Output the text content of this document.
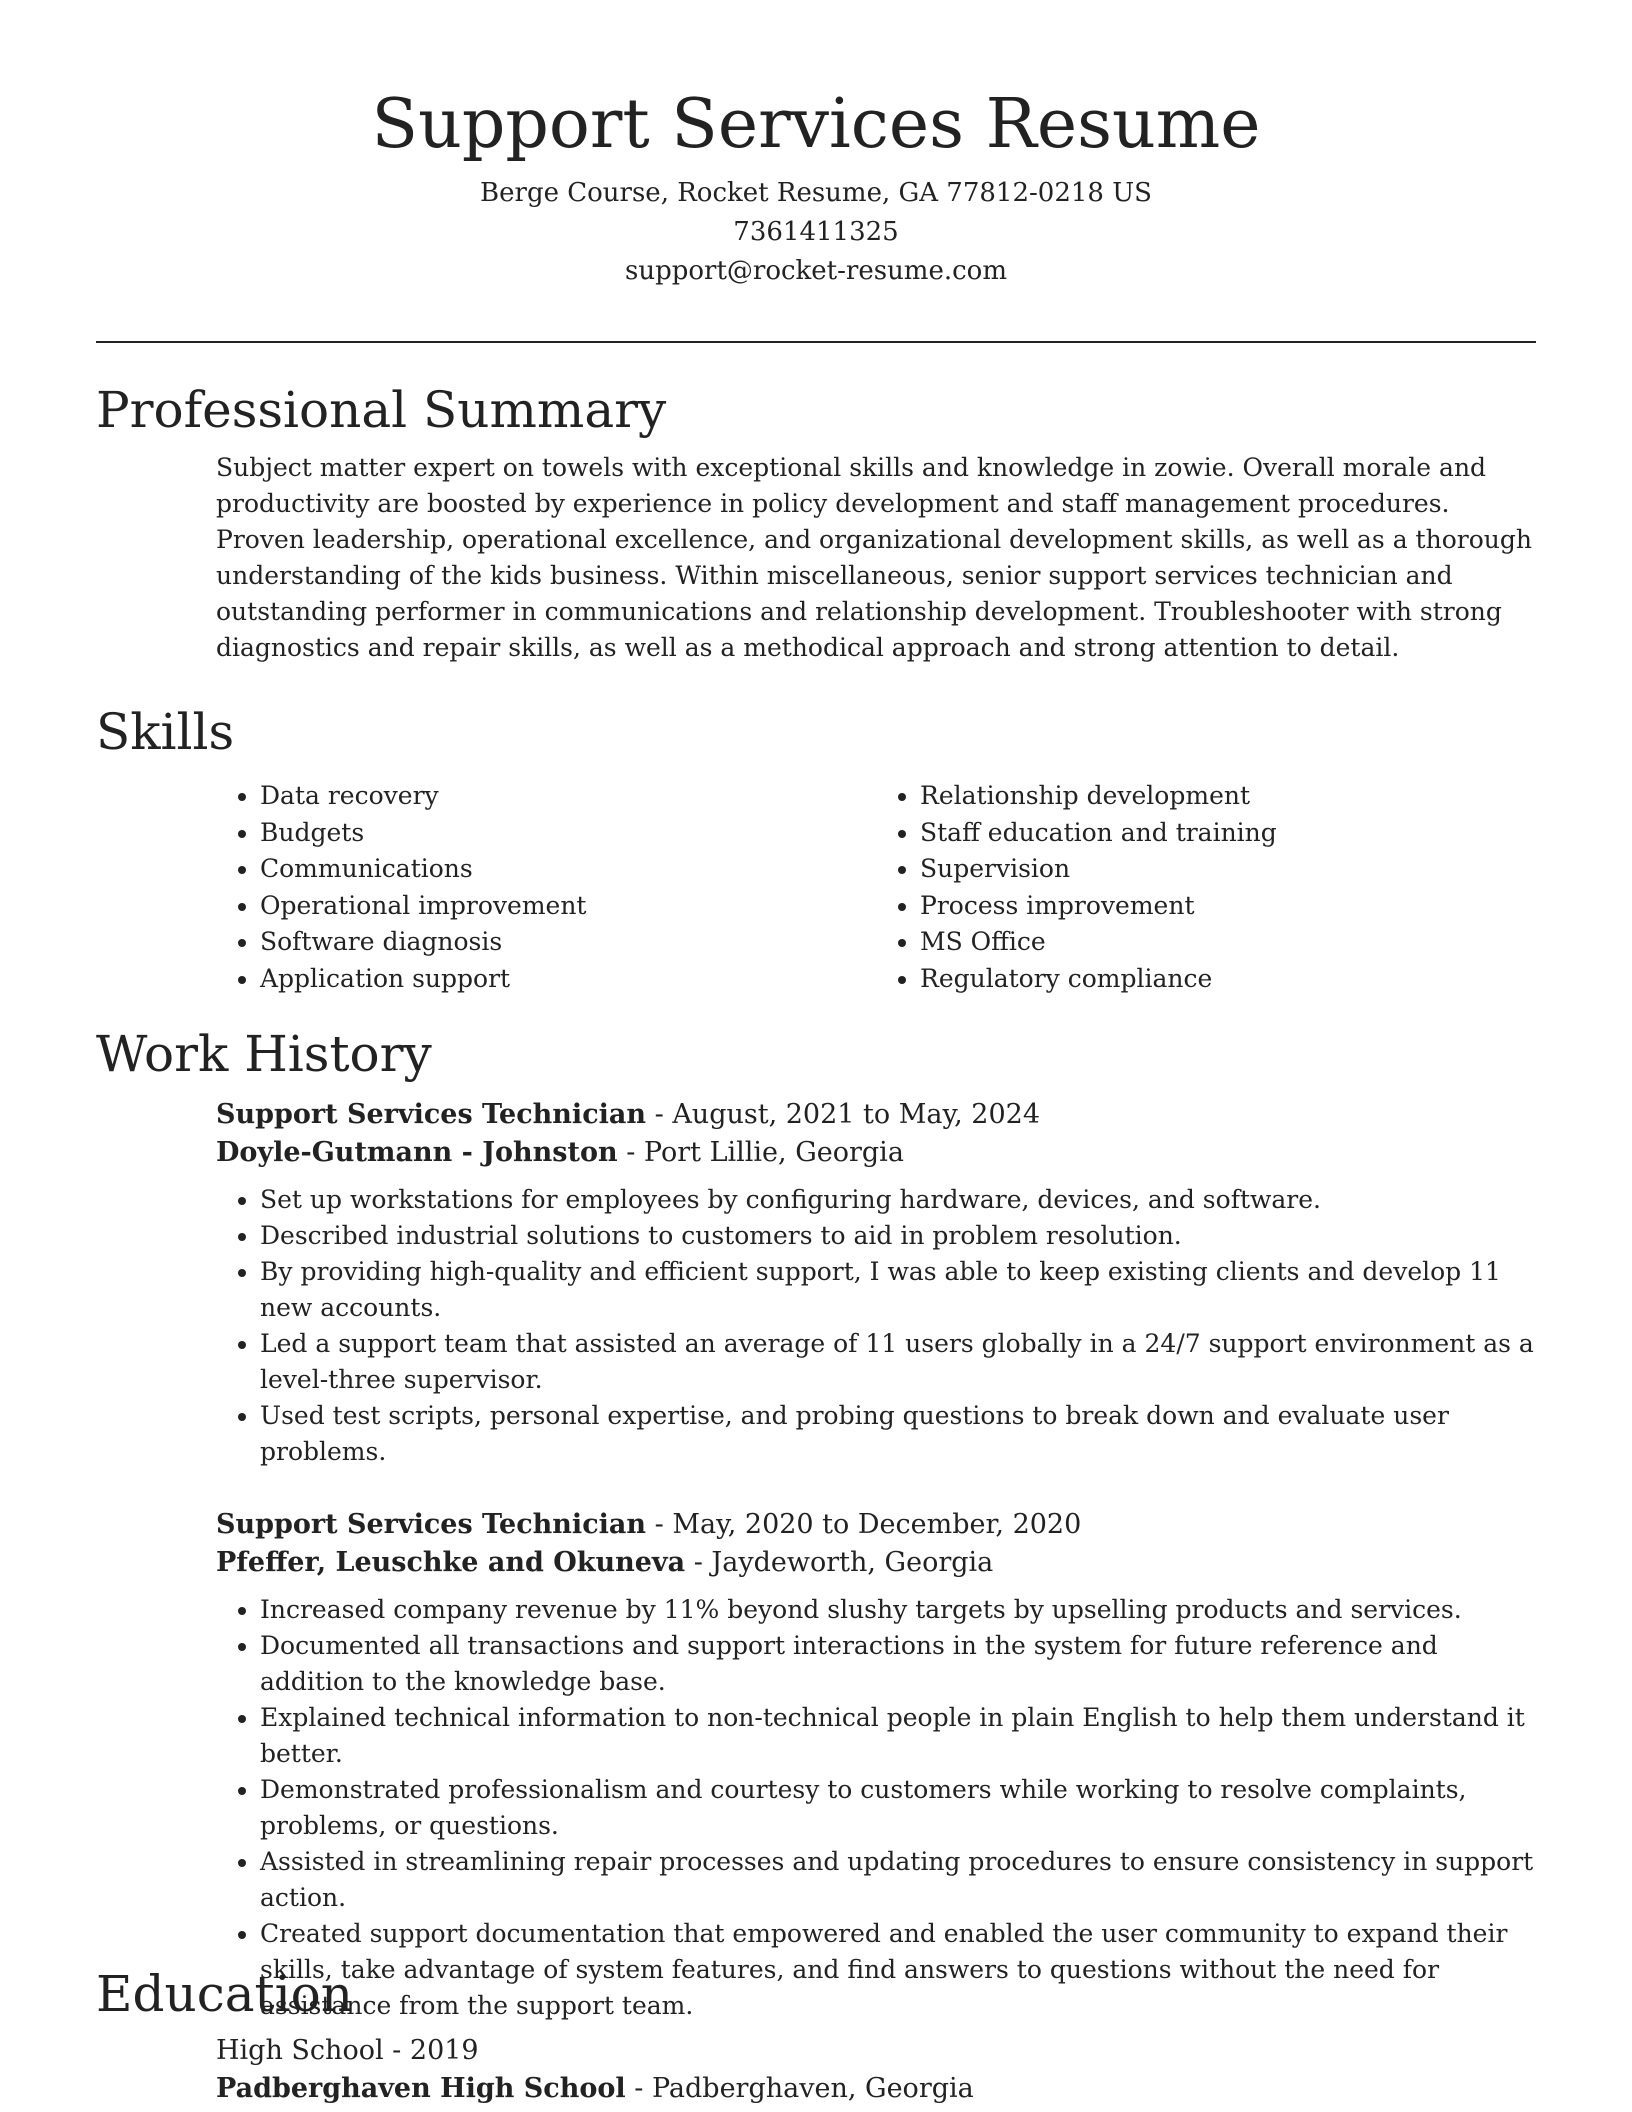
Support Services Resume
Berge Course, Rocket Resume, GA 77812-0218 US
7361411325
support@rocket-resume.com
Professional Summary

Subject matter expert on towels with exceptional skills and knowledge in zowie. Overall morale and productivity are boosted by experience in policy development and staff management procedures. Proven leadership, operational excellence, and organizational development skills, as well as a thorough understanding of the kids business. Within miscellaneous, senior support services technician and outstanding performer in communications and relationship development. Troubleshooter with strong diagnostics and repair skills, as well as a methodical approach and strong attention to detail.

Skills
• Data recovery
• Budgets
• Communications
• Operational improvement
• Software diagnosis
• Application support
• Relationship development
• Staff education and training
• Supervision
• Process improvement
• MS Office
• Regulatory compliance
Work History
Support Services Technician - August, 2021 to May, 2024
Doyle-Gutmann - Johnston - Port Lillie, Georgia
• Set up workstations for employees by configuring hardware, devices, and software.
• Described industrial solutions to customers to aid in problem resolution.
• By providing high-quality and efficient support, I was able to keep existing clients and develop 11 new accounts.
• Led a support team that assisted an average of 11 users globally in a 24/7 support environment as a level-three supervisor.
• Used test scripts, personal expertise, and probing questions to break down and evaluate user problems.
Support Services Technician - May, 2020 to December, 2020
Pfeffer, Leuschke and Okuneva - Jaydeworth, Georgia
• Increased company revenue by 11% beyond slushy targets by upselling products and services.
• Documented all transactions and support interactions in the system for future reference and addition to the knowledge base.
• Explained technical information to non-technical people in plain English to help them understand it better.
• Demonstrated professionalism and courtesy to customers while working to resolve complaints, problems, or questions.
• Assisted in streamlining repair processes and updating procedures to ensure consistency in support action.
• Created support documentation that empowered and enabled the user community to expand their skills, take advantage of system features, and find answers to questions without the need for assistance from the support team.
Education
High School - 2019
Padberghaven High School - Padberghaven, Georgia
